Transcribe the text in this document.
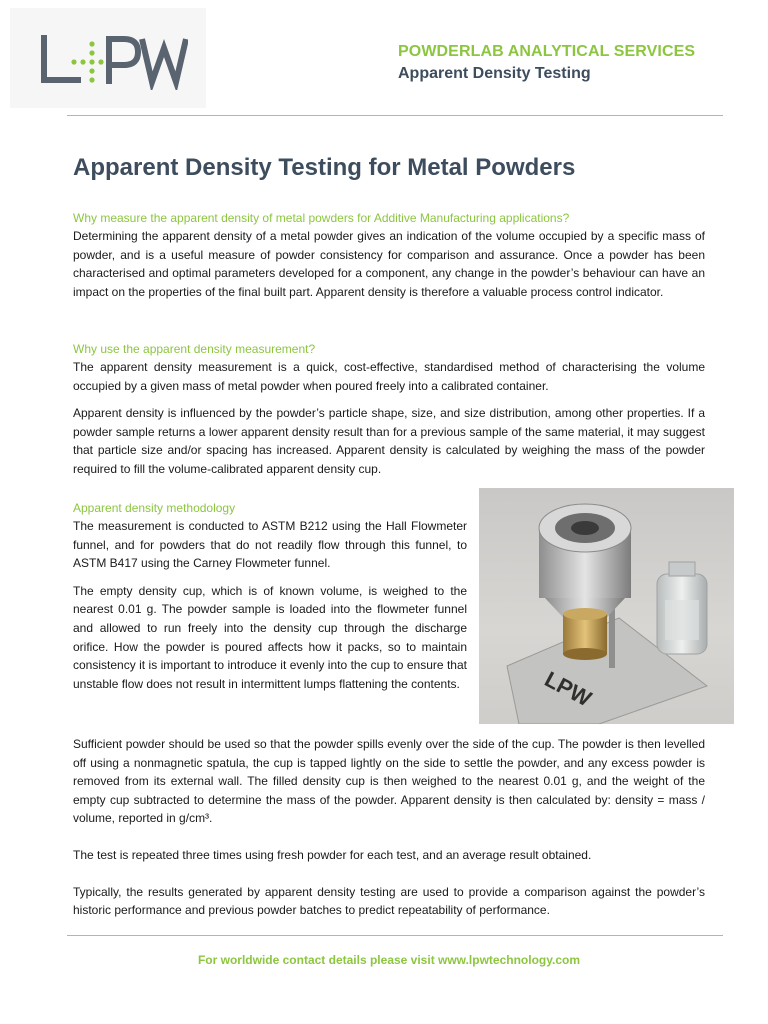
POWDERLAB ANALYTICAL SERVICES
Apparent Density Testing
Apparent Density Testing for Metal Powders

Why measure the apparent density of metal powders for Additive Manufacturing applications?

Determining the apparent density of a metal powder gives an indication of the volume occupied by a specific mass of powder, and is a useful measure of powder consistency for comparison and assurance. Once a powder has been characterised and optimal parameters developed for a component, any change in the powder’s behaviour can have an impact on the properties of the final built part. Apparent density is therefore a valuable process control indicator.

Why use the apparent density measurement?

The apparent density measurement is a quick, cost-effective, standardised method of characterising the volume occupied by a given mass of metal powder when poured freely into a calibrated container.

Apparent density is influenced by the powder’s particle shape, size, and size distribution, among other properties. If a powder sample returns a lower apparent density result than for a previous sample of the same material, it may suggest that particle size and/or spacing has increased. Apparent density is calculated by weighing the mass of the powder required to fill the volume-calibrated apparent density cup.

Apparent density methodology

The measurement is conducted to ASTM B212 using the Hall Flowmeter funnel, and for powders that do not readily flow through this funnel, to ASTM B417 using the Carney Flowmeter funnel.

The empty density cup, which is of known volume, is weighed to the nearest 0.01 g. The powder sample is loaded into the flowmeter funnel and allowed to run freely into the density cup through the discharge orifice. How the powder is poured affects how it packs, so to maintain consistency it is important to introduce it evenly into the cup to ensure that unstable flow does not result in intermittent lumps flattening the contents.	LPW

Sufficient powder should be used so that the powder spills evenly over the side of the cup. The powder is then levelled off using a nonmagnetic spatula, the cup is tapped lightly on the side to settle the powder, and any excess powder is removed from its external wall. The filled density cup is then weighed to the nearest 0.01 g, and the weight of the empty cup subtracted to determine the mass of the powder. Apparent density is then calculated by: density = mass / volume, reported in g/cm³.

The test is repeated three times using fresh powder for each test, and an average result obtained.

Typically, the results generated by apparent density testing are used to provide a comparison against the powder’s historic performance and previous powder batches to predict repeatability of performance.

For worldwide contact details please visit www.lpwtechnology.com
